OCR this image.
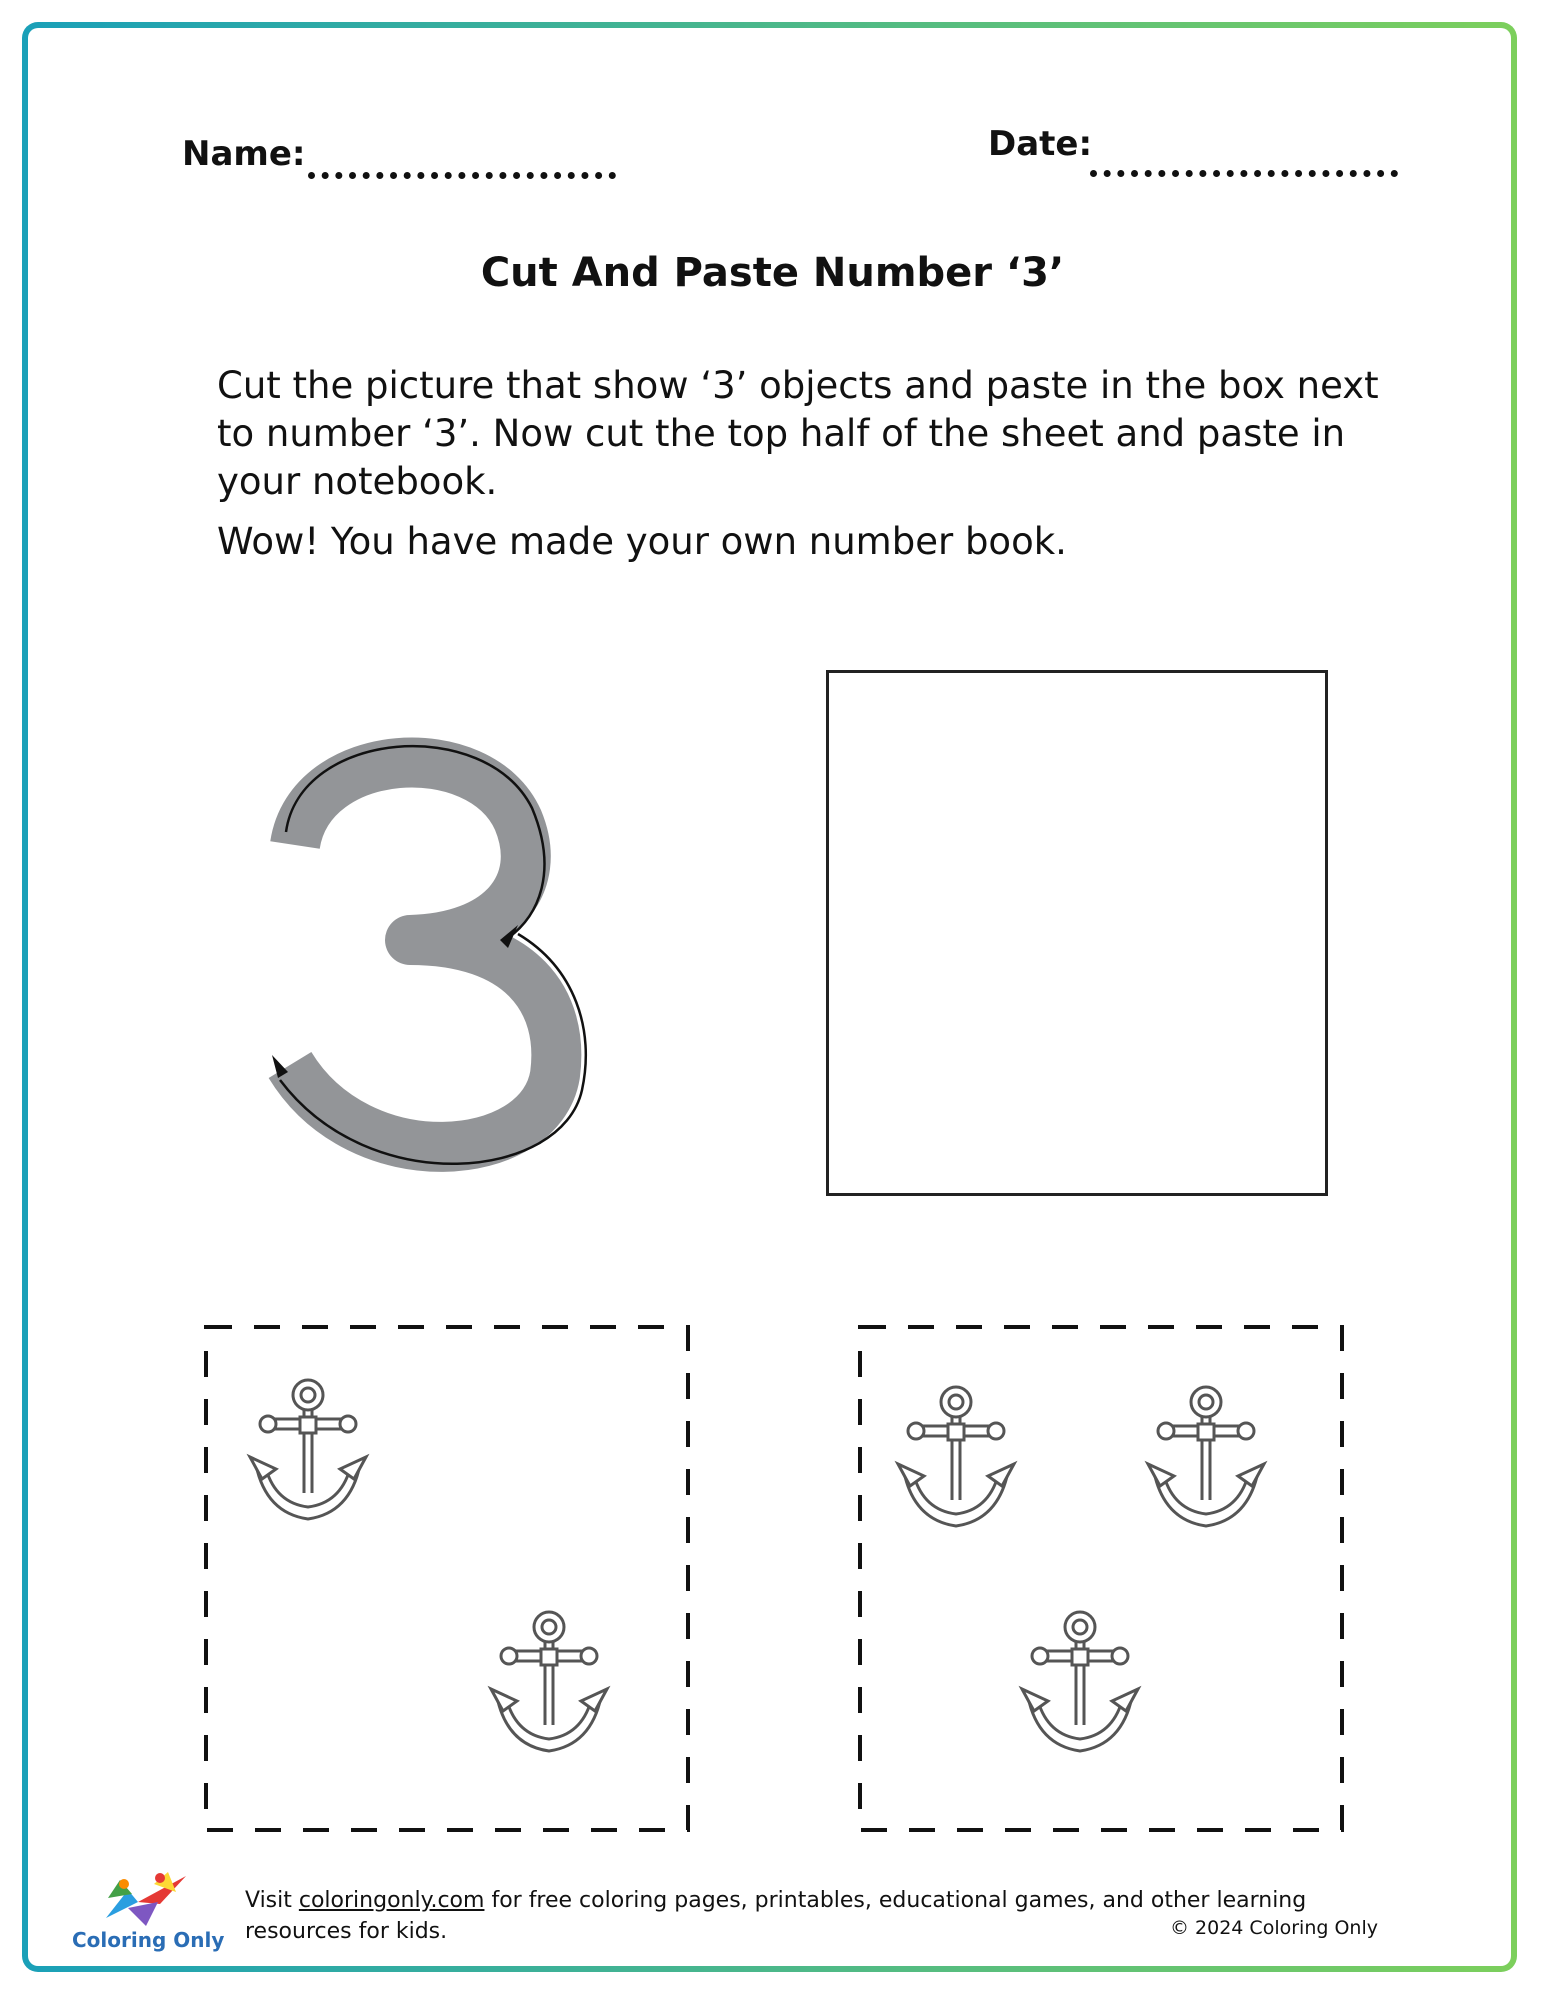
Name:	Date:
Cut And Paste Number ‘3’

Cut the picture that show ‘3’ objects and paste in the box next to number ‘3’. Now cut the top half of the sheet and paste in your notebook.

Wow! You have made your own number book.

Coloring Only
Visit coloringonly.com for free coloring pages, printables, educational games, and other learning resources for kids.	© 2024 Coloring Only
